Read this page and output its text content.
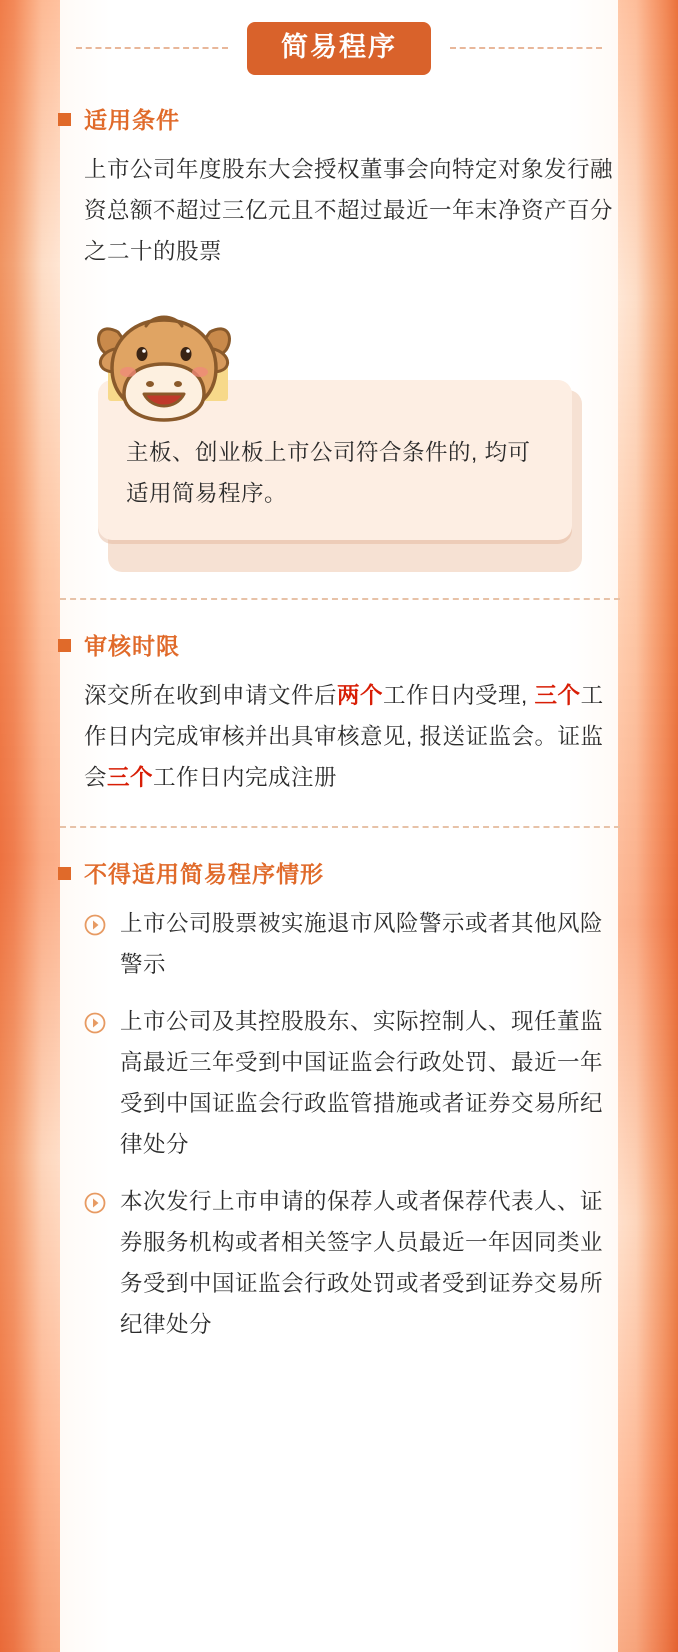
简易程序
适用条件
上市公司年度股东大会授权董事会向特定对象发行融资总额不超过三亿元且不超过最近一年末净资产百分之二十的股票
主板、创业板上市公司符合条件的, 均可适用简易程序。
审核时限
深交所在收到申请文件后两个工作日内受理, 三个工作日内完成审核并出具审核意见, 报送证监会。证监会三个工作日内完成注册
不得适用简易程序情形
上市公司股票被实施退市风险警示或者其他风险警示
上市公司及其控股股东、实际控制人、现任董监高最近三年受到中国证监会行政处罚、最近一年受到中国证监会行政监管措施或者证券交易所纪律处分
本次发行上市申请的保荐人或者保荐代表人、证券服务机构或者相关签字人员最近一年因同类业务受到中国证监会行政处罚或者受到证券交易所纪律处分
